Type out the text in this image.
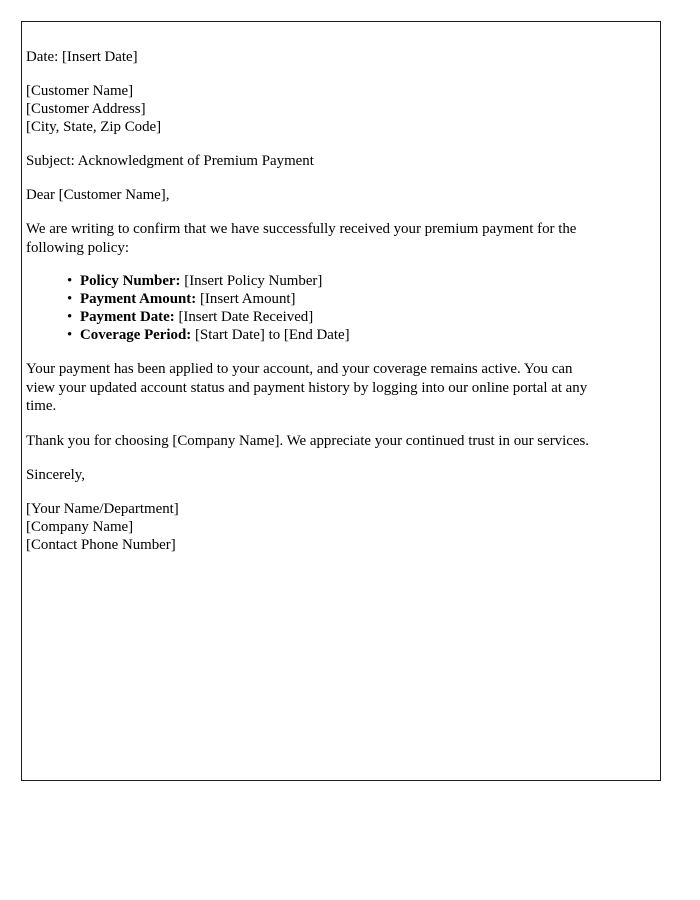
Date: [Insert Date]
[Customer Name]
[Customer Address]
[City, State, Zip Code]
Subject: Acknowledgment of Premium Payment
Dear [Customer Name],

We are writing to confirm that we have successfully received your premium payment for the following policy:

• Policy Number: [Insert Policy Number]
• Payment Amount: [Insert Amount]
• Payment Date: [Insert Date Received]
• Coverage Period: [Start Date] to [End Date]

Your payment has been applied to your account, and your coverage remains active. You can view your updated account status and payment history by logging into our online portal at any time.

Thank you for choosing [Company Name]. We appreciate your continued trust in our services.

Sincerely,
[Your Name/Department]
[Company Name]
[Contact Phone Number]
